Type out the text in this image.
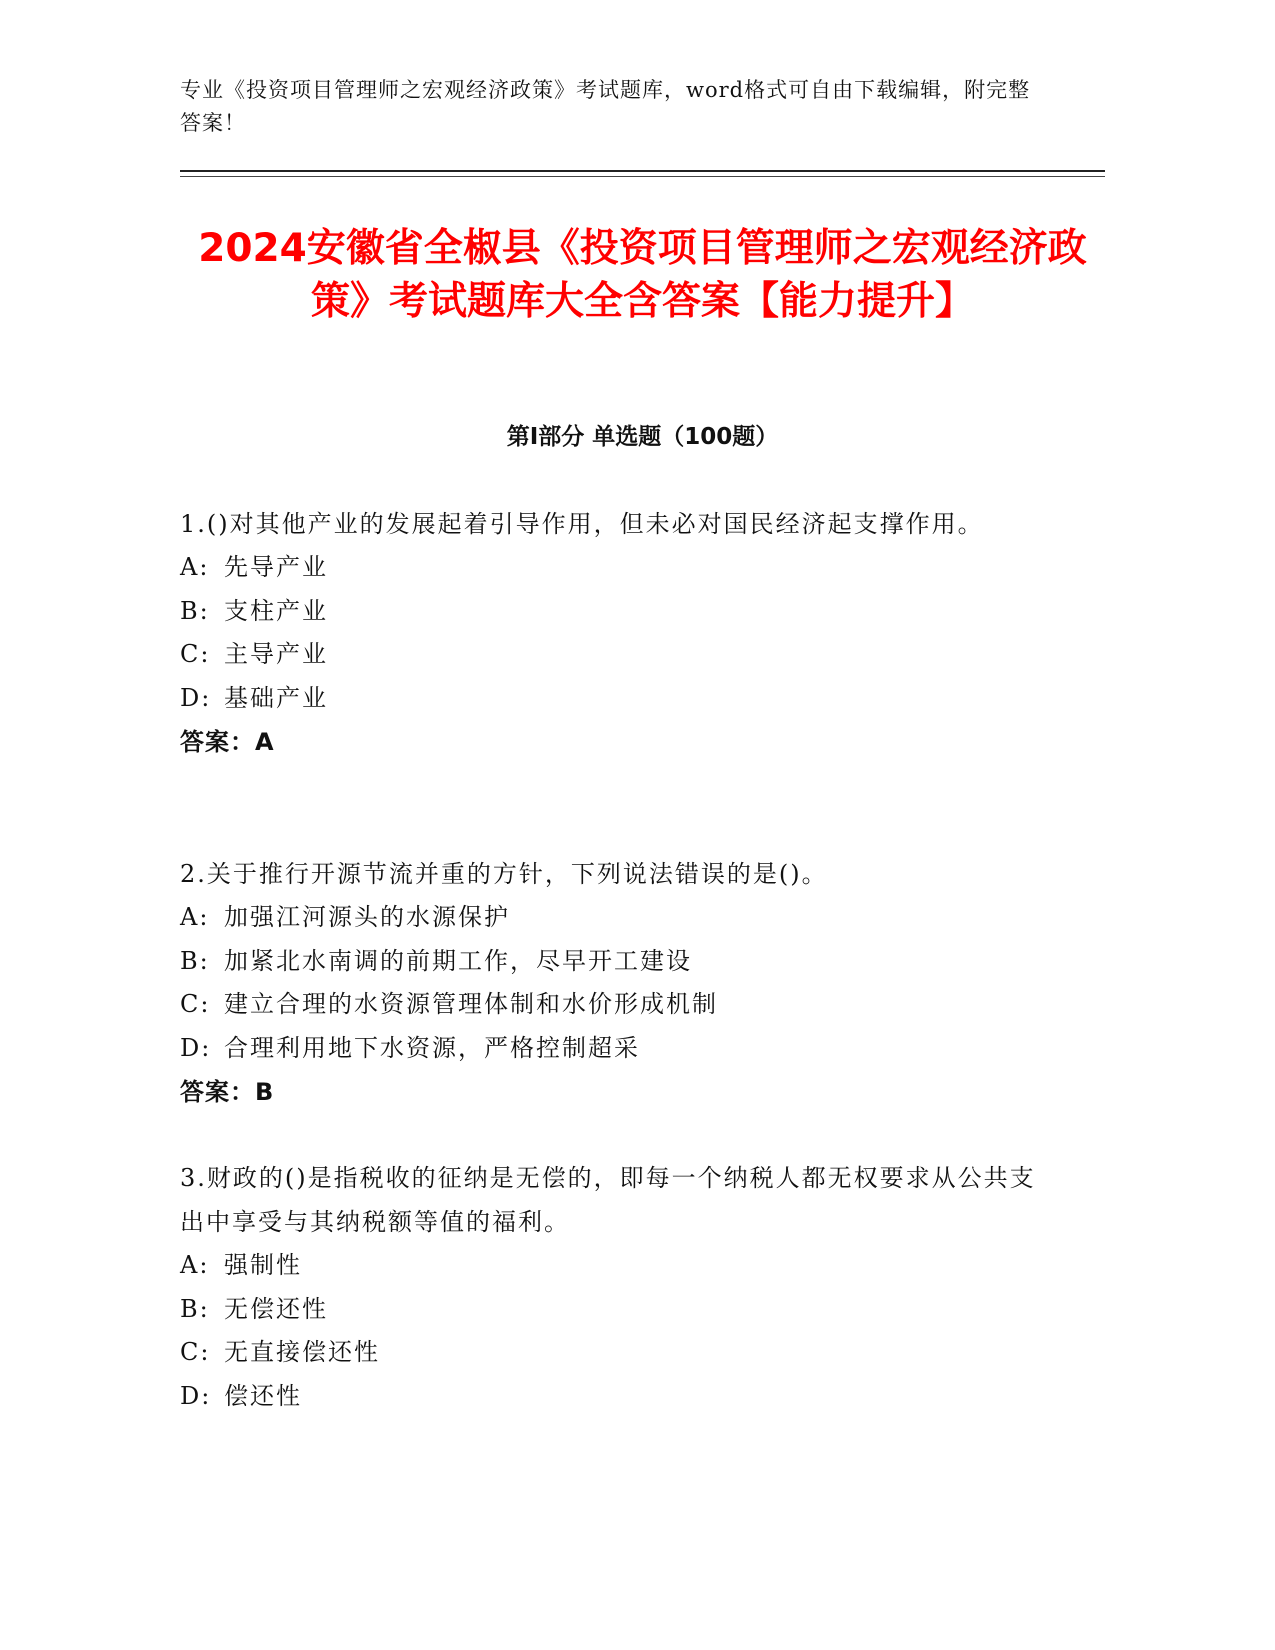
专业《投资项目管理师之宏观经济政策》考试题库，word格式可自由下载编辑，附完整答案！
2024安徽省全椒县《投资项目管理师之宏观经济政策》考试题库大全含答案【能力提升】
第I部分 单选题（100题）
1.()对其他产业的发展起着引导作用，但未必对国民经济起支撑作用。
A: 先导产业
B: 支柱产业
C: 主导产业
D: 基础产业
答案：A
2.关于推行开源节流并重的方针，下列说法错误的是()。
A: 加强江河源头的水源保护
B: 加紧北水南调的前期工作，尽早开工建设
C: 建立合理的水资源管理体制和水价形成机制
D: 合理利用地下水资源，严格控制超采
答案：B
3.财政的()是指税收的征纳是无偿的，即每一个纳税人都无权要求从公共支出中享受与其纳税额等值的福利。
A: 强制性
B: 无偿还性
C: 无直接偿还性
D: 偿还性
